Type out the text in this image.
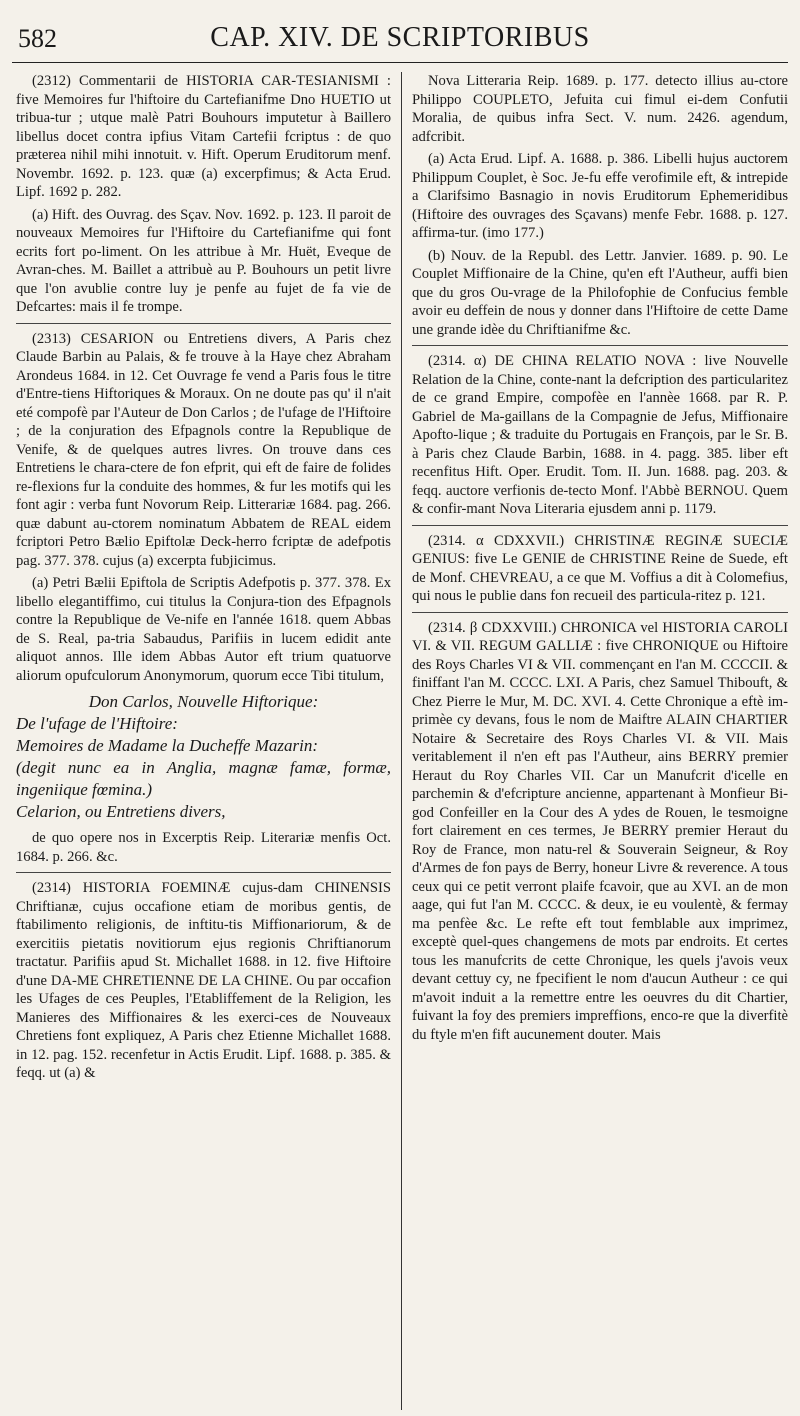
582	CAP. XIV. DE SCRIPTORIBUS

(2312) Commentarii de HISTORIA CAR-TESIANISMI : five Memoires fur l'hiftoire du Cartefianifme Dno HUETIO ut tribua-tur ; utque malè Patri Bouhours imputetur à Baillero libellus docet contra ipfius Vitam Cartefii fcriptus : de quo præterea nihil mihi innotuit. v. Hift. Operum Eruditorum menf. Novembr. 1692. p. 123. quæ (a) excerpfimus; & Acta Erud. Lipf. 1692 p. 282.

(a) Hift. des Ouvrag. des Sçav. Nov. 1692. p. 123. Il paroit de nouveaux Memoires fur l'Hiftoire du Cartefianifme qui font ecrits fort po-liment. On les attribue à Mr. Huët, Eveque de Avran-ches. M. Baillet a attribuè au P. Bouhours un petit livre que l'on avublie contre luy je penfe au fujet de fa vie de Defcartes: mais il fe trompe.

(2313) CESARION ou Entretiens divers, A Paris chez Claude Barbin au Palais, & fe trouve à la Haye chez Abraham Arondeus 1684. in 12. Cet Ouvrage fe vend a Paris fous le titre d'Entre-tiens Hiftoriques & Moraux. On ne doute pas qu' il n'ait eté compofè par l'Auteur de Don Carlos ; de l'ufage de l'Hiftoire ; de la conjuration des Efpagnols contre la Republique de Venife, & de quelques autres livres. On trouve dans ces Entretiens le chara-ctere de fon efprit, qui eft de faire de folides re-flexions fur la conduite des hommes, & fur les motifs qui les font agir : verba funt Novorum Reip. Litterariæ 1684. pag. 266. quæ dabunt au-ctorem nominatum Abbatem de REAL eidem fcriptori Petro Bælio Epiftolæ Deck-herro fcriptæ de adefpotis pag. 377. 378. cujus (a) excerpta fubjicimus.

(a) Petri Bælii Epiftola de Scriptis Adefpotis p. 377. 378. Ex libello elegantiffimo, cui titulus la Conjura-tion des Efpagnols contre la Republique de Ve-nife en l'année 1618. quem Abbas de S. Real, pa-tria Sabaudus, Parifiis in lucem edidit ante aliquot annos. Ille idem Abbas Autor eft trium quatuorve aliorum opufculorum Anonymorum, quorum ecce Tibi titulum,

Don Carlos, Nouvelle Hiftorique:
De l'ufage de l'Hiftoire:
Memoires de Madame la Ducheffe Mazarin:
(degit nunc ea in Anglia, magnæ famæ, formæ, ingeniique fœmina.)
Celarion, ou Entretiens divers,

de quo opere nos in Excerptis Reip. Literariæ menfis Oct. 1684. p. 266. &c.

(2314) HISTORIA FOEMINÆ cujus-dam CHINENSIS Chriftianæ, cujus occafione etiam de moribus gentis, de ftabilimento religionis, de inftitu-tis Miffionariorum, & de exercitiis pietatis novitiorum ejus regionis Chriftianorum tractatur. Parifiis apud St. Michallet 1688. in 12. five Hiftoire d'une DA-ME CHRETIENNE DE LA CHINE. Ou par occafion les Ufages de ces Peuples, l'Etabliffement de la Religion, les Manieres des Miffionaires & les exerci-ces de Nouveaux Chretiens font expliquez, A Paris chez Etienne Michallet 1688. in 12. pag. 152. recenfetur in Actis Erudit. Lipf. 1688. p. 385. & feqq. ut (a) &

Nova Litteraria Reip. 1689. p. 177. detecto illius au-ctore Philippo COUPLETO, Jefuita cui fimul ei-dem Confutii Moralia, de quibus infra Sect. V. num. 2426. agendum, adfcribit.

(a) Acta Erud. Lipf. A. 1688. p. 386. Libelli hujus auctorem Philippum Couplet, è Soc. Je-fu effe verofimile eft, & intrepide a Clarifsimo Basnagio in novis Eruditorum Ephemeridibus (Hiftoire des ouvrages des Sçavans) menfe Febr. 1688. p. 127. affirma-tur. (imo 177.)

(b) Nouv. de la Republ. des Lettr. Janvier. 1689. p. 90. Le Couplet Miffionaire de la Chine, qu'en eft l'Autheur, auffi bien que du gros Ou-vrage de la Philofophie de Confucius femble avoir eu deffein de nous y donner dans l'Hiftoire de cette Dame une grande idèe du Chriftianifme &c.

(2314. α) DE CHINA RELATIO NOVA : live Nouvelle Relation de la Chine, conte-nant la defcription des particularitez de ce grand Empire, compofèe en l'annèe 1668. par R. P. Gabriel de Ma-gaillans de la Compagnie de Jefus, Miffionaire Apofto-lique ; & traduite du Portugais en François, par le Sr. B. à Paris chez Claude Barbin, 1688. in 4. pagg. 385. liber eft recenfitus Hift. Oper. Erudit. Tom. II. Jun. 1688. pag. 203. & feqq. auctore verfionis de-tecto Monf. l'Abbè BERNOU. Quem & confir-mant Nova Literaria ejusdem anni p. 1179.

(2314. α CDXXVII.) CHRISTINÆ REGINÆ SUECIÆ GENIUS: five Le GENIE de CHRISTINE Reine de Suede, eft de Monf. CHEVREAU, a ce que M. Voffius a dit à Colomefius, qui nous le publie dans fon recueil des particula-ritez p. 121.

(2314. β CDXXVIII.) CHRONICA vel HISTORIA CAROLI VI. & VII. REGUM GALLIÆ : five CHRONIQUE ou Hiftoire des Roys Charles VI & VII. commençant en l'an M. CCCCII. & finiffant l'an M. CCCC. LXI. A Paris, chez Samuel Thibouft, & Chez Pierre le Mur, M. DC. XVI. 4. Cette Chronique a eftè im-primèe cy devans, fous le nom de Maiftre ALAIN CHARTIER Notaire & Secretaire des Roys Charles VI. & VII. Mais veritablement il n'en eft pas l'Autheur, ains BERRY premier Heraut du Roy Charles VII. Car un Manufcrit d'icelle en parchemin & d'efcripture ancienne, appartenant à Monfieur Bi-god Confeiller en la Cour des A ydes de Rouen, le tesmoigne fort clairement en ces termes, Je BERRY premier Heraut du Roy de France, mon natu-rel & Souverain Seigneur, & Roy d'Armes de fon pays de Berry, honeur Livre & reverence. A tous ceux qui ce petit verront plaife fcavoir, que au XVI. an de mon aage, qui fut l'an M. CCCC. & deux, ie eu voulentè, & fermay ma penfèe &c. Le refte eft tout femblable aux imprimez, exceptè quel-ques changemens de mots par endroits. Et certes tous les manufcrits de cette Chronique, les quels j'avois veux devant cettuy cy, ne fpecifient le nom d'aucun Autheur : ce qui m'avoit induit a la remettre entre les oeuvres du dit Chartier, fuivant la foy des premiers impreffions, enco-re que la diverfitè du ftyle m'en fift aucunement douter. Mais
